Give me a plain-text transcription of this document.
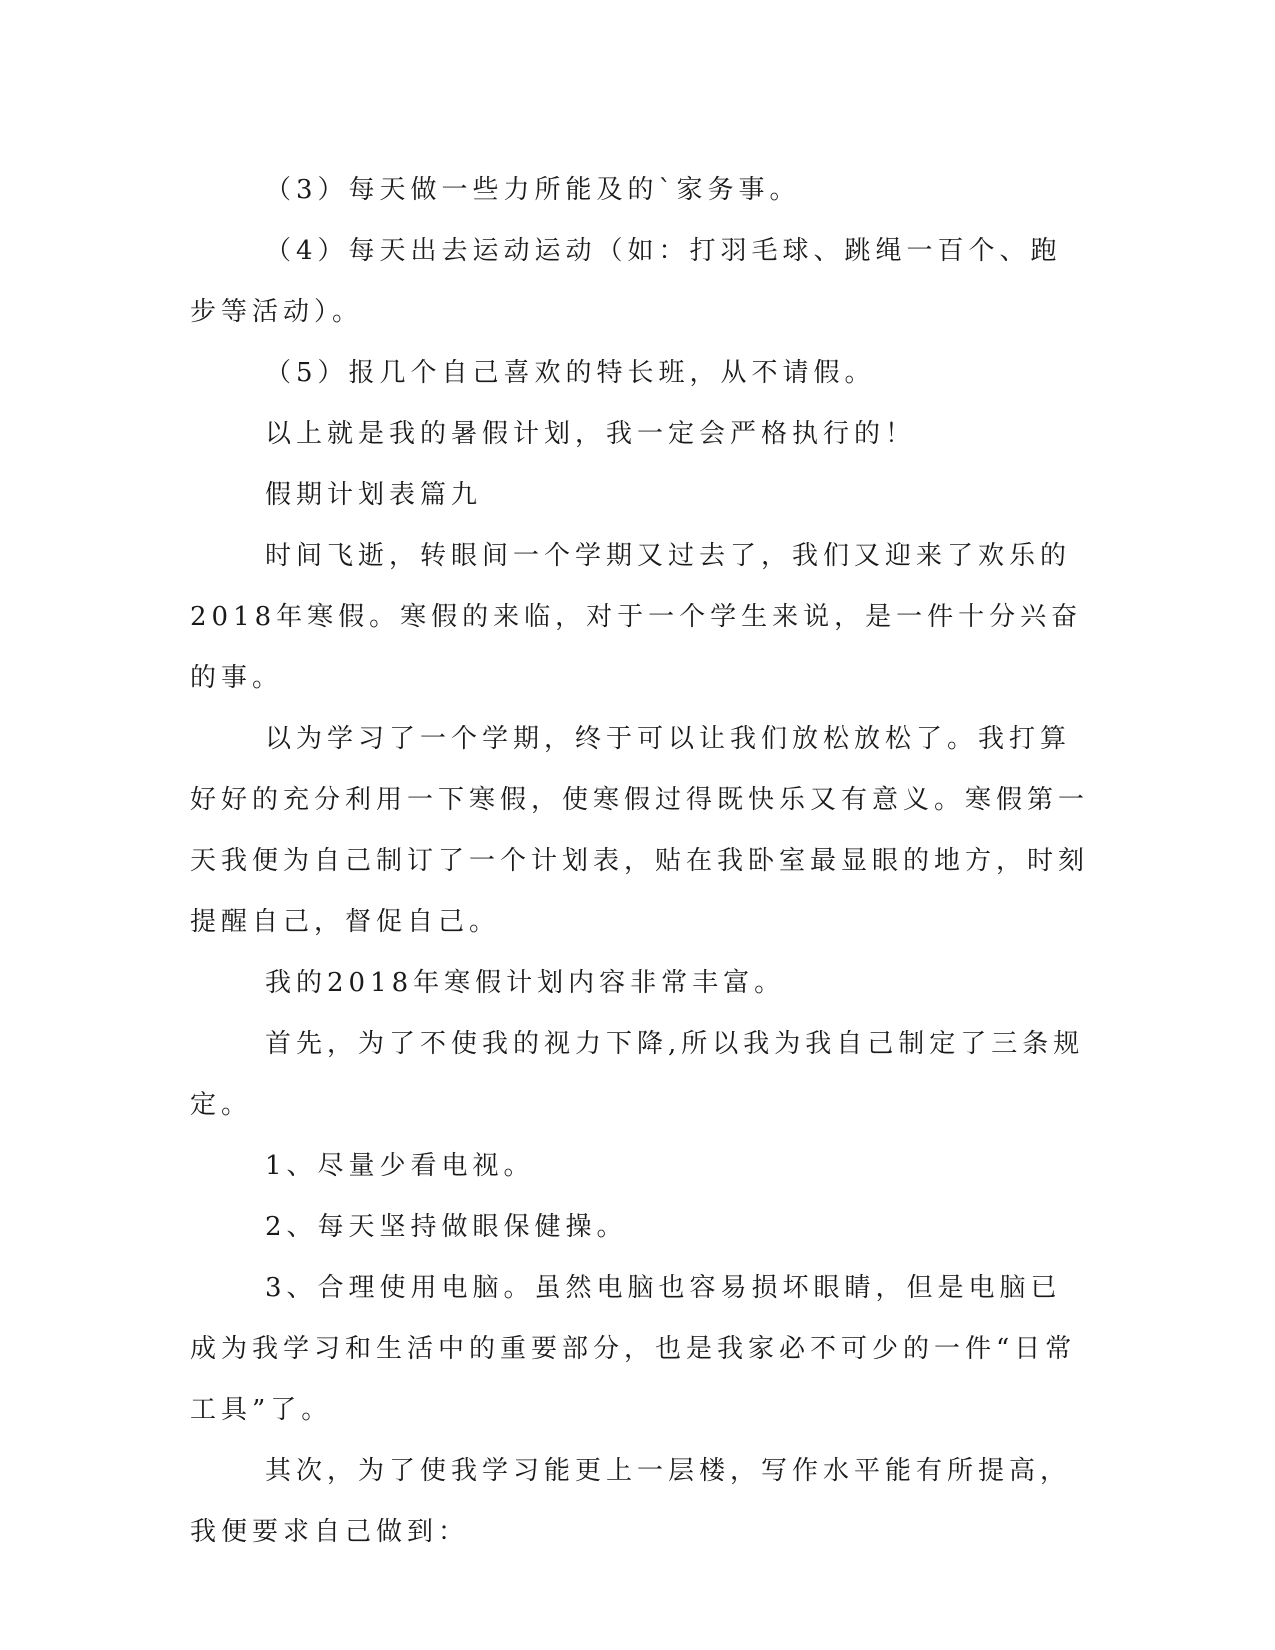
（3）每天做一些力所能及的`家务事。

（4）每天出去运动运动（如：打羽毛球、跳绳一百个、跑步等活动）。

（5）报几个自己喜欢的特长班，从不请假。

以上就是我的暑假计划，我一定会严格执行的！

假期计划表篇九

时间飞逝，转眼间一个学期又过去了，我们又迎来了欢乐的2018年寒假。寒假的来临，对于一个学生来说，是一件十分兴奋的事。

以为学习了一个学期，终于可以让我们放松放松了。我打算好好的充分利用一下寒假，使寒假过得既快乐又有意义。寒假第一天我便为自己制订了一个计划表，贴在我卧室最显眼的地方，时刻提醒自己，督促自己。

我的2018年寒假计划内容非常丰富。

首先，为了不使我的视力下降,所以我为我自己制定了三条规定。

1、尽量少看电视。

2、每天坚持做眼保健操。

3、合理使用电脑。虽然电脑也容易损坏眼睛，但是电脑已成为我学习和生活中的重要部分，也是我家必不可少的一件“日常工具”了。

其次，为了使我学习能更上一层楼，写作水平能有所提高，我便要求自己做到：
